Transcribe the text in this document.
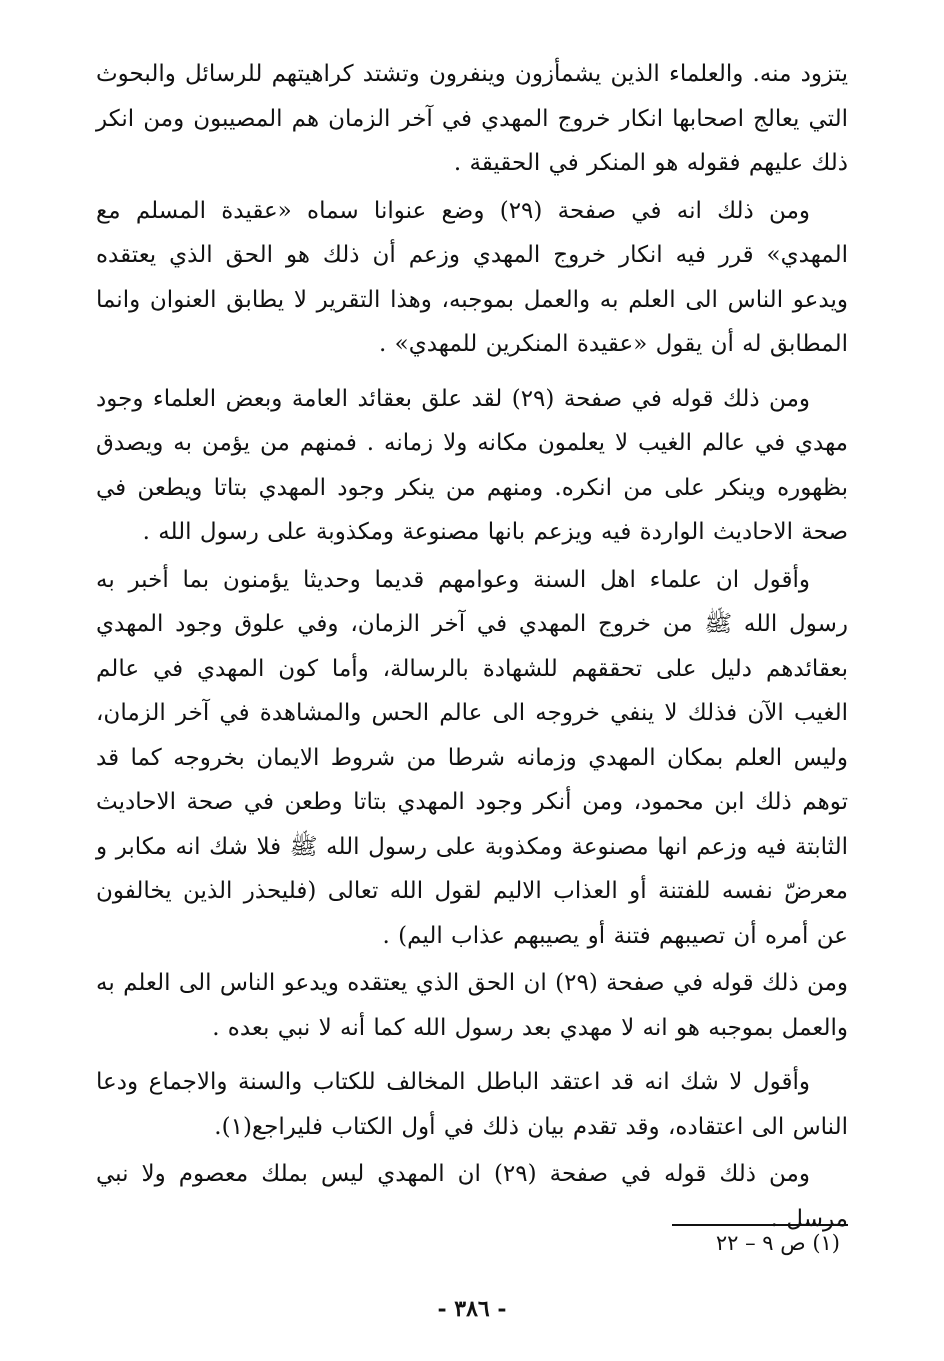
يتزود منه. والعلماء الذين يشمأزون وينفرون وتشتد كراهيتهم للرسائل والبحوث التي يعالج اصحابها انكار خروج المهدي في آخر الزمان هم المصيبون ومن انكر ذلك عليهم فقوله هو المنكر في الحقيقة .

ومن ذلك انه في صفحة (٢٩) وضع عنوانا سماه «عقيدة المسلم مع المهدي» قرر فيه انكار خروج المهدي وزعم أن ذلك هو الحق الذي يعتقده ويدعو الناس الى العلم به والعمل بموجبه، وهذا التقرير لا يطابق العنوان وانما المطابق له أن يقول «عقيدة المنكرين للمهدي» .

ومن ذلك قوله في صفحة (٢٩) لقد علق بعقائد العامة وبعض العلماء وجود مهدي في عالم الغيب لا يعلمون مكانه ولا زمانه . فمنهم من يؤمن به ويصدق بظهوره وينكر على من انكره. ومنهم من ينكر وجود المهدي بتاتا ويطعن في صحة الاحاديث الواردة فيه ويزعم بانها مصنوعة ومكذوبة على رسول الله .

وأقول ان علماء اهل السنة وعوامهم قديما وحديثا يؤمنون بما أخبر به رسول الله ﷺ من خروج المهدي في آخر الزمان، وفي علوق وجود المهدي بعقائدهم دليل على تحققهم للشهادة بالرسالة، وأما كون المهدي في عالم الغيب الآن فذلك لا ينفي خروجه الى عالم الحس والمشاهدة في آخر الزمان، وليس العلم بمكان المهدي وزمانه شرطا من شروط الايمان بخروجه كما قد توهم ذلك ابن محمود، ومن أنكر وجود المهدي بتاتا وطعن في صحة الاحاديث الثابتة فيه وزعم انها مصنوعة ومكذوبة على رسول الله ﷺ فلا شك انه مكابر و معرضّ نفسه للفتنة أو العذاب الاليم لقول الله تعالى (فليحذر الذين يخالفون عن أمره أن تصيبهم فتنة أو يصيبهم عذاب اليم) .

ومن ذلك قوله في صفحة (٢٩) ان الحق الذي يعتقده ويدعو الناس الى العلم به والعمل بموجبه هو انه لا مهدي بعد رسول الله كما أنه لا نبي بعده .

وأقول لا شك انه قد اعتقد الباطل المخالف للكتاب والسنة والاجماع ودعا الناس الى اعتقاده، وقد تقدم بيان ذلك في أول الكتاب فليراجع(١).

ومن ذلك قوله في صفحة (٢٩) ان المهدي ليس بملك معصوم ولا نبي مرسل .

(١) ص ٩ – ٢٢

- ٣٨٦ -
